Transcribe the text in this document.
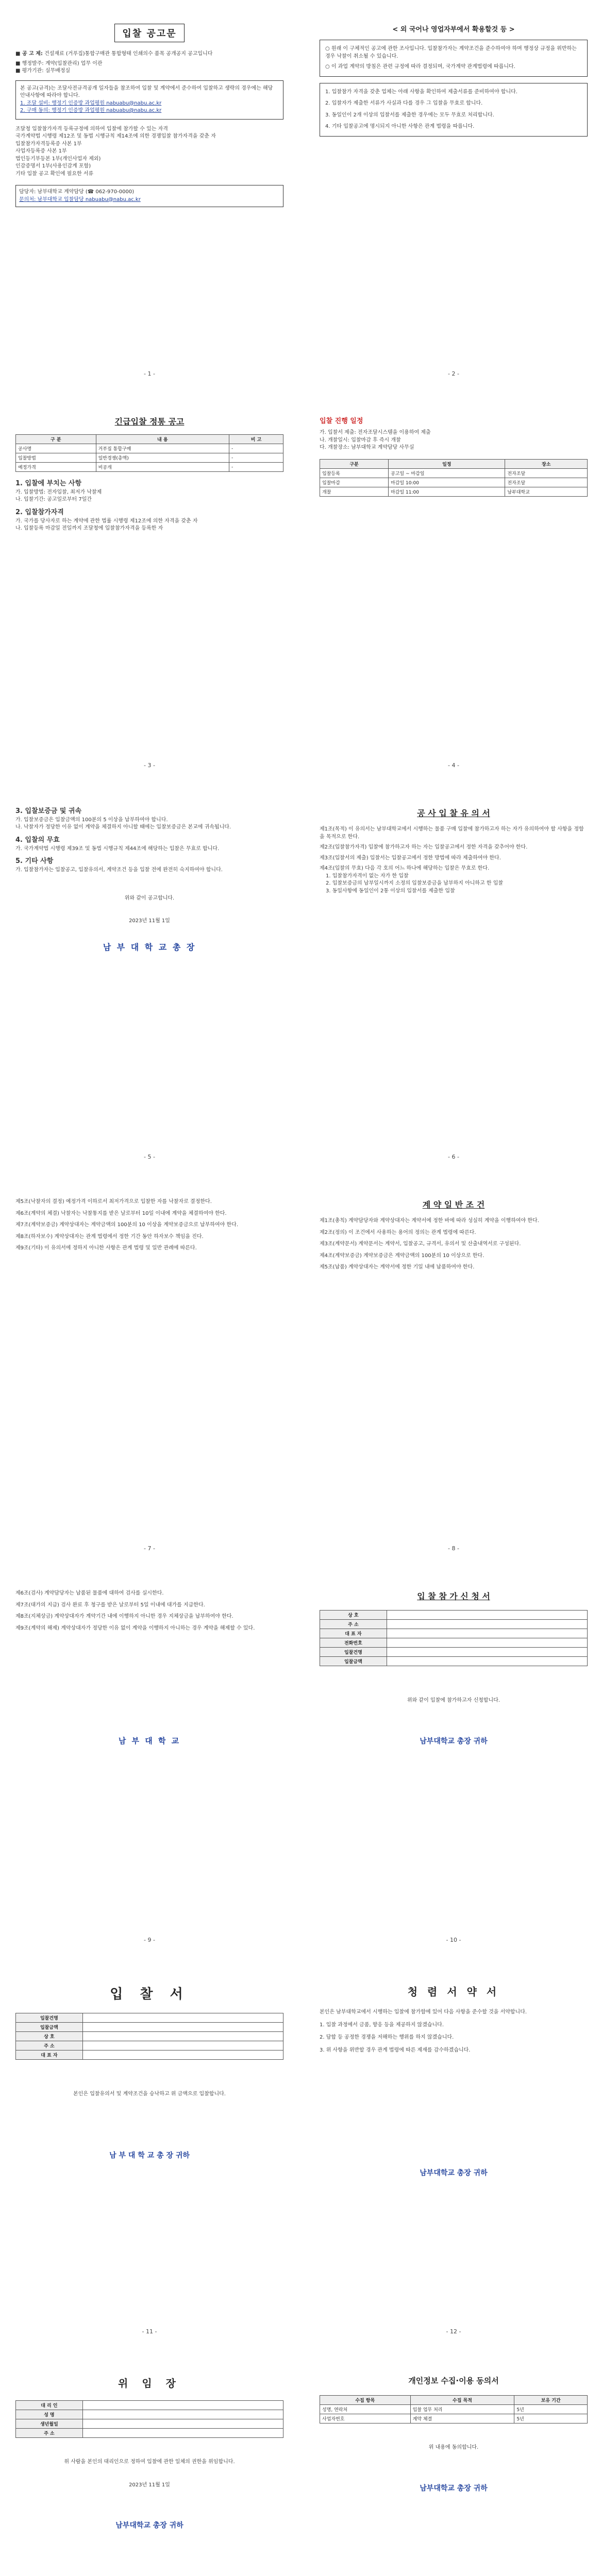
입찰 공고문
■ 공 고 제: 건설재료 (거푸집)통합구매관 통합형태 인쇄의수 품목 공개공지 공고입니다
■ 행정발주: 계약(입찰관리) 업무 이관
■ 평가기관: 실무배정실
본 공고(규격)는 조달사전규격공개 일자들을 참조하여 입찰 및 계약에서 준수하여 입찰하고 생략의 경우에는 해당 안내사항에 따라야 합니다.
1. 조달 설비: 행정기 인증방 과업평원 nabuabu@nabu.ac.kr
2. 구매 동의: 행정기 인증방 과업평원 nabuabu@nabu.ac.kr
조달청 입찰참가자격 등록규정에 의하여 입찰에 참가할 수 있는 자격
국가계약법 시행령 제12조 및 동법 시행규칙 제14조에 의한 경쟁입찰 참가자격을 갖춘 자
입찰참가자격등록증 사본 1부
사업자등록증 사본 1부
법인등기부등본 1부(개인사업자 제외)
인감증명서 1부(사용인감계 포함)
기타 입찰 공고 확인에 필요한 서류
담당자: 남부대학교 계약담당 (☎ 062-970-0000)
문의처: 남부대학교 입찰담당 nabuabu@nabu.ac.kr
- 1 -
< 외 국어나 영업자부에서 확용할것 등 >
○ 원래 이 구체적인 공고에 관한 조사입니다. 입찰참가자는 계약조건을 준수하여야 하며 행정상 규정을 위반하는 경우 낙찰이 취소될 수 있습니다.
○ 이 과업 계약의 방침은 관련 규정에 따라 결정되며, 국가계약 관계법령에 따릅니다.
1. 입찰참가 자격을 갖춘 업체는 아래 사항을 확인하여 제출서류를 준비하여야 합니다.
2. 입찰자가 제출한 서류가 사실과 다를 경우 그 입찰을 무효로 합니다.
3. 동일인이 2개 이상의 입찰서를 제출한 경우에는 모두 무효로 처리합니다.
4. 기타 입찰공고에 명시되지 아니한 사항은 관계 법령을 따릅니다.
- 2 -
긴급입찰 정통 공고
구 분	내 용	비 고
공사명	거푸집 통합구매	-
입찰방법	일반경쟁(총액)	-
예정가격	비공개	-
1. 입찰에 부치는 사항
가. 입찰방법: 전자입찰, 최저가 낙찰제
나. 입찰기간: 공고일로부터 7일간
2. 입찰참가자격
가. 국가를 당사자로 하는 계약에 관한 법률 시행령 제12조에 의한 자격을 갖춘 자
나. 입찰등록 마감일 전일까지 조달청에 입찰참가자격을 등록한 자
- 3 -
입찰 진행 일정
가. 입찰서 제출: 전자조달시스템을 이용하여 제출
나. 개찰일시: 입찰마감 후 즉시 개찰
다. 개찰장소: 남부대학교 계약담당 사무실
구분	일정	장소
입찰등록	공고일 ~ 마감일	전자조달
입찰마감	마감일 10:00	전자조달
개찰	마감일 11:00	남부대학교
- 4 -
3. 입찰보증금 및 귀속
가. 입찰보증금은 입찰금액의 100분의 5 이상을 납부하여야 합니다.
나. 낙찰자가 정당한 이유 없이 계약을 체결하지 아니할 때에는 입찰보증금은 본교에 귀속됩니다.
4. 입찰의 무효
가. 국가계약법 시행령 제39조 및 동법 시행규칙 제44조에 해당하는 입찰은 무효로 합니다.
5. 기타 사항
가. 입찰참가자는 입찰공고, 입찰유의서, 계약조건 등을 입찰 전에 완전히 숙지하여야 합니다.
위와 같이 공고합니다.
2023년 11월 1일
남 부 대 학 교 총 장
- 5 -
공 사 입 찰 유 의 서
제1조(목적) 이 유의서는 남부대학교에서 시행하는 물품 구매 입찰에 참가하고자 하는 자가 유의하여야 할 사항을 정함을 목적으로 한다.
제2조(입찰참가자격) 입찰에 참가하고자 하는 자는 입찰공고에서 정한 자격을 갖추어야 한다.
제3조(입찰서의 제출) 입찰서는 입찰공고에서 정한 방법에 따라 제출하여야 한다.
제4조(입찰의 무효) 다음 각 호의 어느 하나에 해당하는 입찰은 무효로 한다.
1. 입찰참가자격이 없는 자가 한 입찰
2. 입찰보증금의 납부일시까지 소정의 입찰보증금을 납부하지 아니하고 한 입찰
3. 동일사항에 동일인이 2통 이상의 입찰서를 제출한 입찰
- 6 -
제5조(낙찰자의 결정) 예정가격 이하로서 최저가격으로 입찰한 자를 낙찰자로 결정한다.
제6조(계약의 체결) 낙찰자는 낙찰통지를 받은 날로부터 10일 이내에 계약을 체결하여야 한다.
제7조(계약보증금) 계약상대자는 계약금액의 100분의 10 이상을 계약보증금으로 납부하여야 한다.
제8조(하자보수) 계약상대자는 관계 법령에서 정한 기간 동안 하자보수 책임을 진다.
제9조(기타) 이 유의서에 정하지 아니한 사항은 관계 법령 및 일반 관례에 따른다.
- 7 -
계 약 일 반 조 건
제1조(총칙) 계약담당자와 계약상대자는 계약서에 정한 바에 따라 성실히 계약을 이행하여야 한다.
제2조(정의) 이 조건에서 사용하는 용어의 정의는 관계 법령에 따른다.
제3조(계약문서) 계약문서는 계약서, 입찰공고, 규격서, 유의서 및 산출내역서로 구성된다.
제4조(계약보증금) 계약보증금은 계약금액의 100분의 10 이상으로 한다.
제5조(납품) 계약상대자는 계약서에 정한 기일 내에 납품하여야 한다.
- 8 -
제6조(검사) 계약담당자는 납품된 물품에 대하여 검사를 실시한다.
제7조(대가의 지급) 검사 완료 후 청구를 받은 날로부터 5일 이내에 대가를 지급한다.
제8조(지체상금) 계약상대자가 계약기간 내에 이행하지 아니한 경우 지체상금을 납부하여야 한다.
제9조(계약의 해제) 계약상대자가 정당한 이유 없이 계약을 이행하지 아니하는 경우 계약을 해제할 수 있다.
남 부 대 학 교
- 9 -
입 찰 참 가 신 청 서
상 호	
주 소	
대 표 자	
전화번호	
입찰건명	
입찰금액	
위와 같이 입찰에 참가하고자 신청합니다.
남부대학교 총장 귀하
- 10 -
입 찰 서
입찰건명	
입찰금액	
상 호	
주 소	
대 표 자	
본인은 입찰유의서 및 계약조건을 승낙하고 위 금액으로 입찰합니다.
남 부 대 학 교 총 장 귀하
- 11 -
청 렴 서 약 서
본인은 남부대학교에서 시행하는 입찰에 참가함에 있어 다음 사항을 준수할 것을 서약합니다.
1. 입찰 과정에서 금품, 향응 등을 제공하지 않겠습니다.
2. 담합 등 공정한 경쟁을 저해하는 행위를 하지 않겠습니다.
3. 위 사항을 위반할 경우 관계 법령에 따른 제재를 감수하겠습니다.
남부대학교 총장 귀하
- 12 -
위 임 장
대 리 인	
성 명	
생년월일	
주 소	
위 사람을 본인의 대리인으로 정하여 입찰에 관한 일체의 권한을 위임합니다.
2023년 11월 1일
남부대학교 총장 귀하
개인정보 수집·이용 동의서
수집 항목	수집 목적	보유 기간
성명, 연락처	입찰 업무 처리	5년
사업자번호	계약 체결	5년
위 내용에 동의합니다.
남부대학교 총장 귀하
